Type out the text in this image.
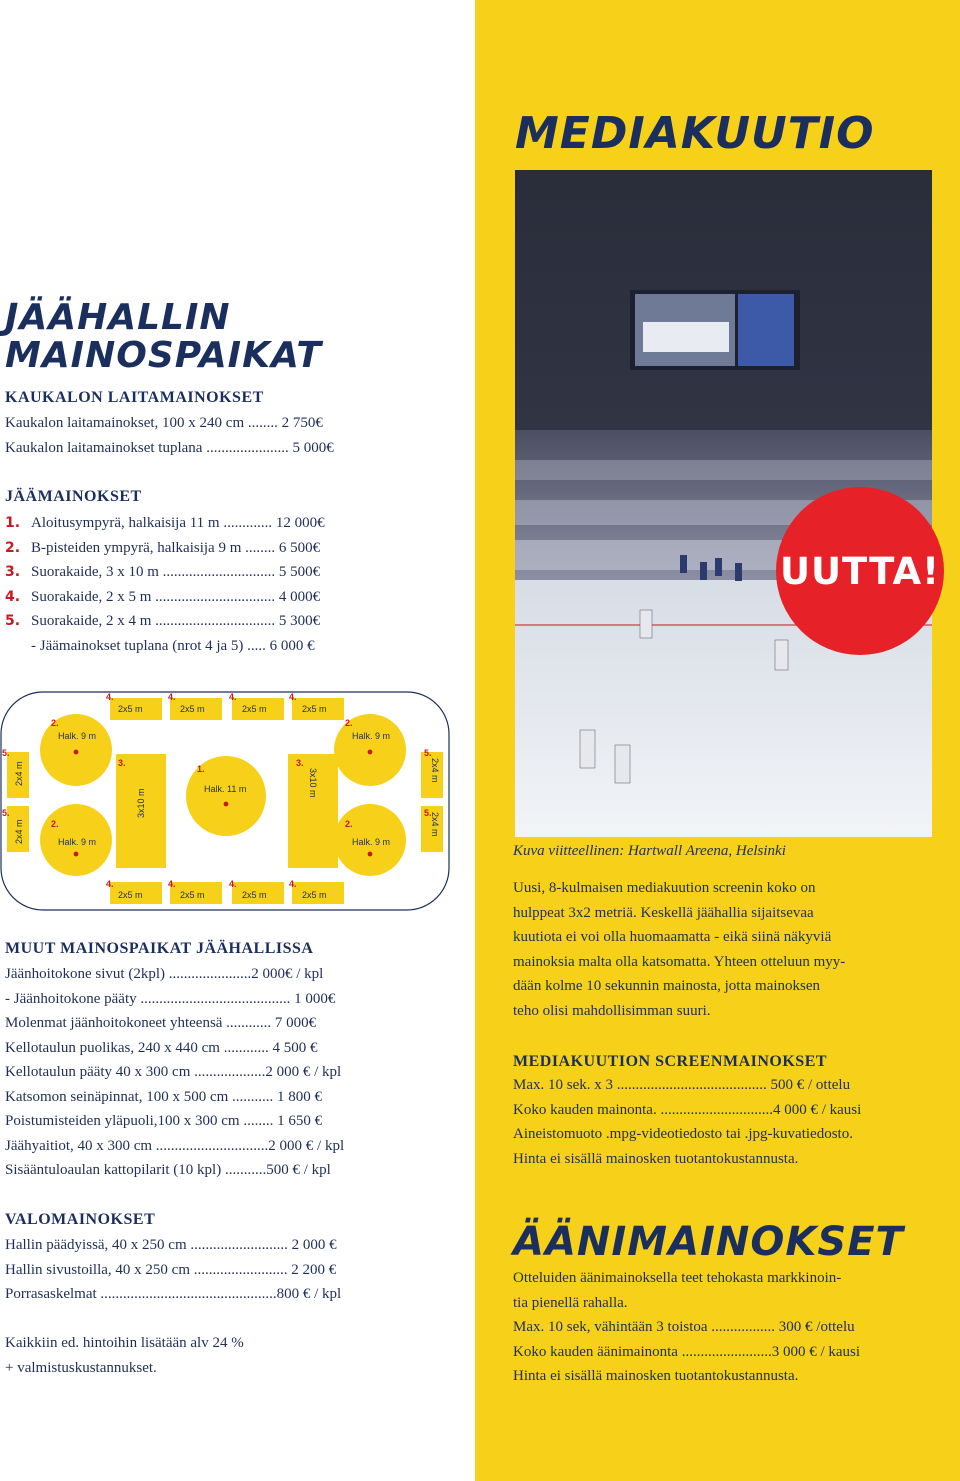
MEDIAKUUTIO
JÄÄHALLIN
MAINOSPAIKAT
KAUKALON LAITAMAINOKSET
Kaukalon laitamainokset, 100 x 240 cm ........ 2 750€
Kaukalon laitamainokset tuplana ...................... 5 000€
JÄÄMAINOKSET
1. Aloitusympyrä, halkaisija 11 m ............. 12 000€
2. B-pisteiden ympyrä, halkaisija 9 m ........ 6 500€
3. Suorakaide, 3 x 10 m .............................. 5 500€
4. Suorakaide, 2 x 5 m ................................ 4 000€
5. Suorakaide, 2 x 4 m ................................ 5 300€
- Jäämainokset tuplana (nrot 4 ja 5) ..... 6 000 €
4.	4.	4.	4.
4.	4.	4.	4.
2.	2.
2.	2.
3.	3.
1.
5.
5.
5.
5.
2x5 m	2x5 m	2x5 m	2x5 m
2x5 m	2x5 m	2x5 m	2x5 m
Halk. 9 m	Halk. 9 m
Halk. 9 m	Halk. 9 m
Halk. 11 m
3x10 m
3x10 m
2x4 m
2x4 m
2x4 m
2x4 m
MUUT MAINOSPAIKAT JÄÄHALLISSA
Jäänhoitokone sivut (2kpl) ......................2 000€ / kpl
- Jäänhoitokone pääty ........................................ 1 000€
Molenmat jäänhoitokoneet yhteensä ............ 7 000€
Kellotaulun puolikas, 240 x 440 cm ............ 4 500 €
Kellotaulun pääty 40 x 300 cm ...................2 000 € / kpl
Katsomon seinäpinnat, 100 x 500 cm ........... 1 800 €
Poistumisteiden yläpuoli,100 x 300 cm ........ 1 650 €
Jäähyaitiot, 40 x 300 cm ..............................2 000 € / kpl
Sisääntuloaulan kattopilarit (10 kpl) ...........500 € / kpl
VALOMAINOKSET
Hallin päädyissä, 40 x 250 cm .......................... 2 000 €
Hallin sivustoilla, 40 x 250 cm ......................... 2 200 €
Porrasaskelmat ...............................................800 € / kpl
Kaikkiin ed. hintoihin lisätään alv 24 %
+ valmistuskustannukset.
UUTTA!
Kuva viitteellinen: Hartwall Areena, Helsinki
Uusi, 8-kulmaisen mediakuution screenin koko on
hulppeat 3x2 metriä. Keskellä jäähallia sijaitsevaa
kuutiota ei voi olla huomaamatta - eikä siinä näkyviä
mainoksia malta olla katsomatta. Yhteen otteluun myy-
dään kolme 10 sekunnin mainosta, jotta mainoksen
teho olisi mahdollisimman suuri.
MEDIAKUUTION SCREENMAINOKSET
Max. 10 sek. x 3 ........................................ 500 € / ottelu
Koko kauden mainonta. ..............................4 000 € / kausi
Aineistomuoto .mpg-videotiedosto tai .jpg-kuvatiedosto.
Hinta ei sisällä mainosken tuotantokustannusta.
ÄÄNIMAINOKSET
Otteluiden äänimainoksella teet tehokasta markkinoin-
tia pienellä rahalla.
Max. 10 sek, vähintään 3 toistoa ................. 300 € /ottelu
Koko kauden äänimainonta ........................3 000 € / kausi
Hinta ei sisällä mainosken tuotantokustannusta.
